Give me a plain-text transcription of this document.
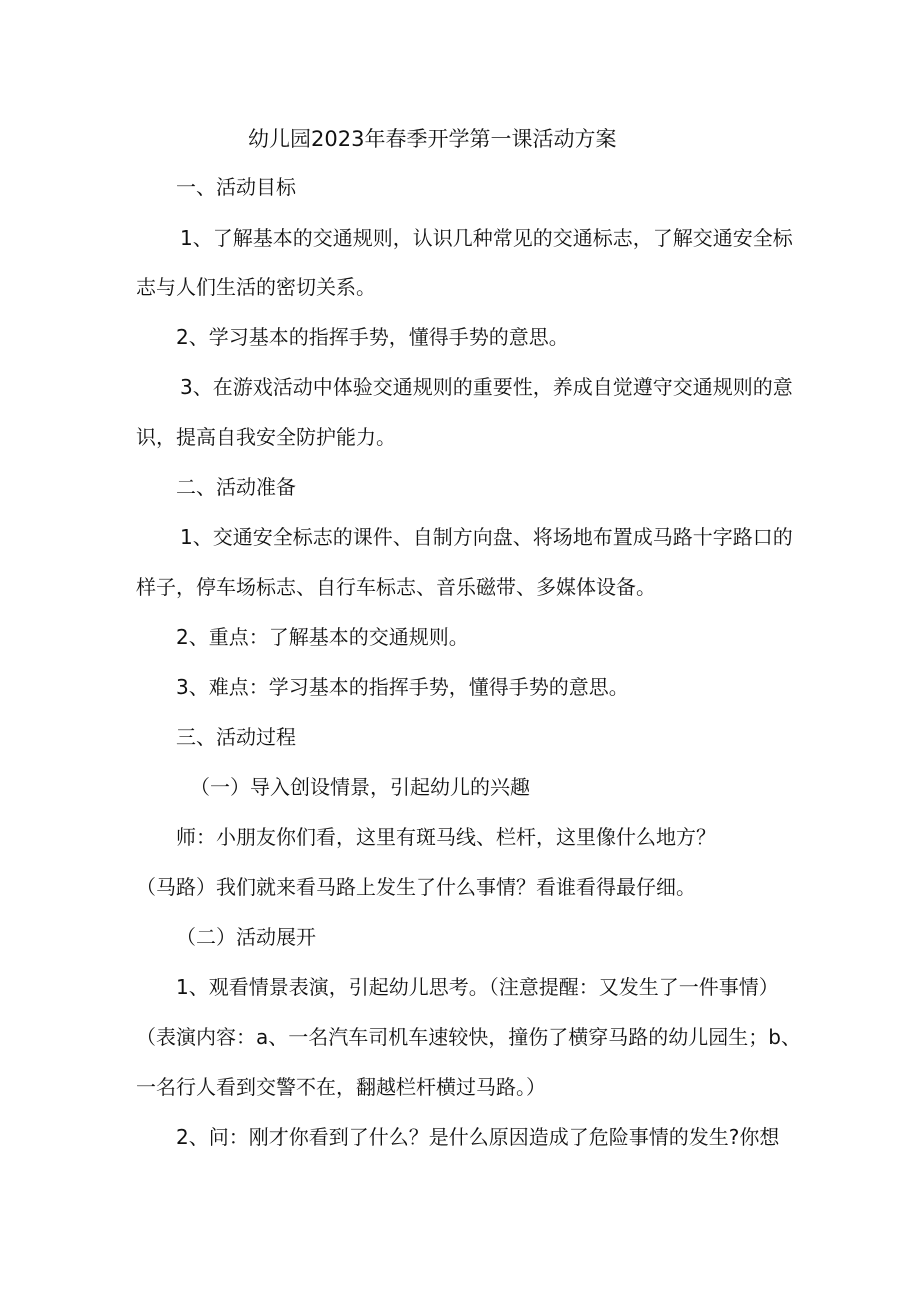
幼儿园2023年春季开学第一课活动方案

一、活动目标

1、了解基本的交通规则，认识几种常见的交通标志，了解交通安全标

志与人们生活的密切关系。

2、学习基本的指挥手势，懂得手势的意思。

3、在游戏活动中体验交通规则的重要性，养成自觉遵守交通规则的意

识，提高自我安全防护能力。

二、活动准备

1、交通安全标志的课件、自制方向盘、将场地布置成马路十字路口的

样子，停车场标志、自行车标志、音乐磁带、多媒体设备。

2、重点：了解基本的交通规则。

3、难点：学习基本的指挥手势，懂得手势的意思。

三、活动过程

（一）导入创设情景，引起幼儿的兴趣

师：小朋友你们看，这里有斑马线、栏杆，这里像什么地方？

（马路）我们就来看马路上发生了什么事情？看谁看得最仔细。

（二）活动展开

1、观看情景表演，引起幼儿思考。（注意提醒：又发生了一件事情）

（表演内容：a、一名汽车司机车速较快，撞伤了横穿马路的幼儿园生；b、

一名行人看到交警不在，翻越栏杆横过马路。）

2、问：刚才你看到了什么？是什么原因造成了危险事情的发生?你想
